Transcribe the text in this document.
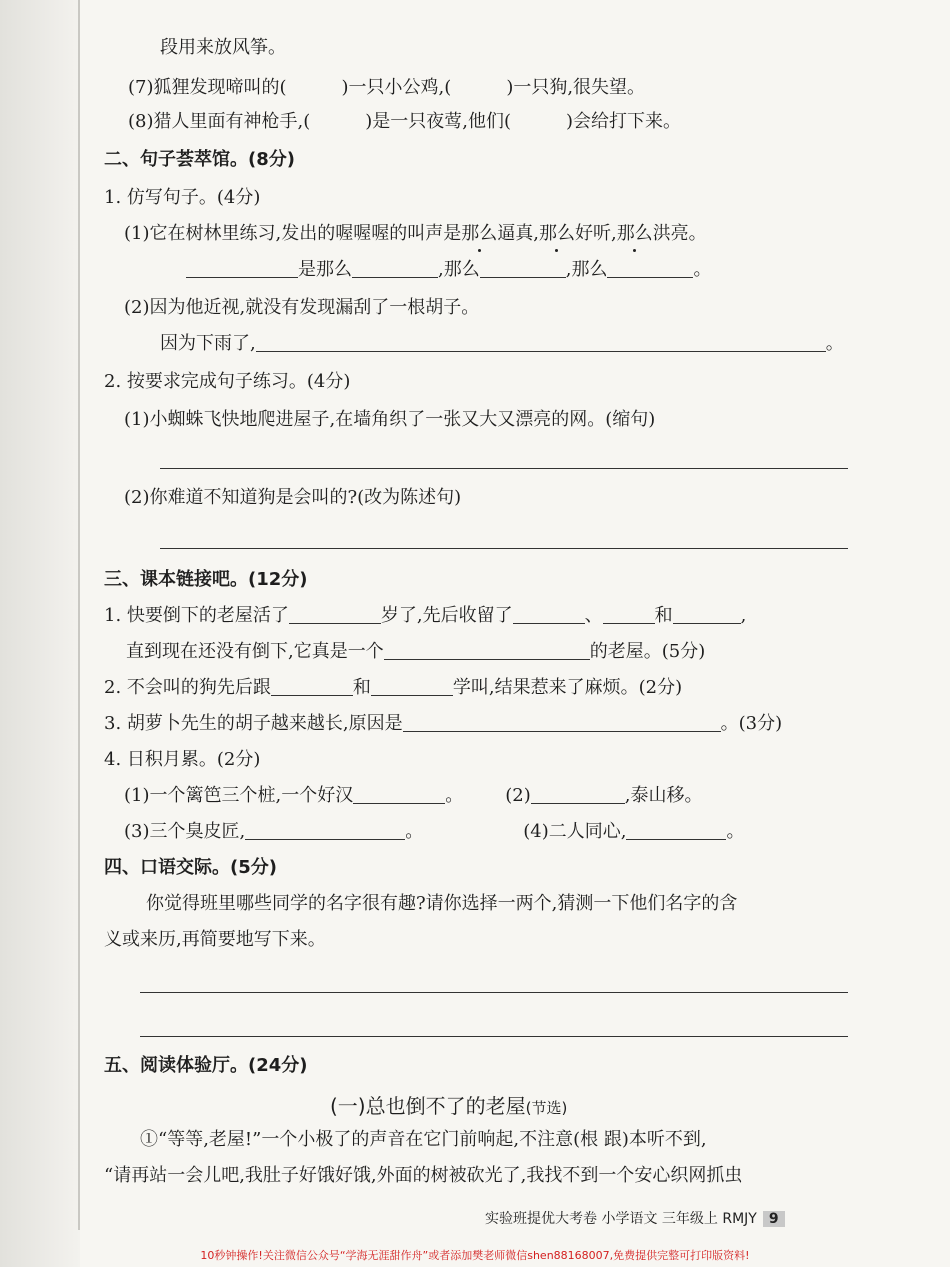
段用来放风筝。
(7)狐狸发现啼叫的(	)一只小公鸡,(	)一只狗,很失望。
(8)猎人里面有神枪手,(	)是一只夜莺,他们(	)会给打下来。
二、句子荟萃馆。(8分)
1. 仿写句子。(4分)
(1)它在树林里练习,发出的喔喔喔的叫声是那么逼真,那么好听,那么洪亮。
是那么	,那么	,那么	。
(2)因为他近视,就没有发现漏刮了一根胡子。
因为下雨了,	。
2. 按要求完成句子练习。(4分)
(1)小蜘蛛飞快地爬进屋子,在墙角织了一张又大又漂亮的网。(缩句)
(2)你难道不知道狗是会叫的?(改为陈述句)
三、课本链接吧。(12分)
1. 快要倒下的老屋活了	岁了,先后收留了	、	和	,
直到现在还没有倒下,它真是一个	的老屋。(5分)
2. 不会叫的狗先后跟	和	学叫,结果惹来了麻烦。(2分)
3. 胡萝卜先生的胡子越来越长,原因是	。(3分)
4. 日积月累。(2分)
(1)一个篱笆三个桩,一个好汉	。 (2)	,泰山移。
(3)三个臭皮匠,	。	(4)二人同心,	。
四、口语交际。(5分)
你觉得班里哪些同学的名字很有趣?请你选择一两个,猜测一下他们名字的含
义或来历,再简要地写下来。
五、阅读体验厅。(24分)
(一)总也倒不了的老屋(节选)
①“等等,老屋!”一个小极了的声音在它门前响起,不注意(根 跟)本听不到,
“请再站一会儿吧,我肚子好饿好饿,外面的树被砍光了,我找不到一个安心织网抓虫
实验班提优大考卷 小学语文 三年级上 RMJY 9
10秒钟操作!关注微信公众号“学海无涯甜作舟”或者添加樊老师微信shen88168007,免费提供完整可打印版资料!
